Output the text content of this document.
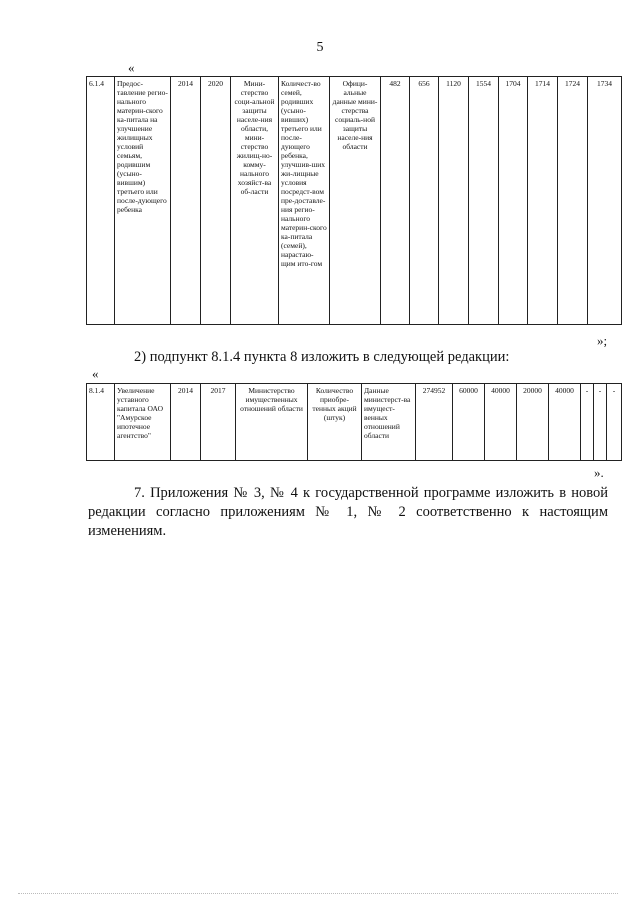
5
«
6.1.4	Предос-тавление регио-нального материн-ского ка-питала на улучшение жилищных условий семьям, родившим (усыно-вившим) третьего или после-дующего ребенка	2014	2020	Мини-стерство соци-альной защиты населе-ния области, мини-стерство жилищ-но-комму-нального хозяйст-ва об-ласти	Количест-во семей, родивших (усыно-вивших) третьего или после-дующего ребенка, улучшив-ших жи-лищные условия посредст-вом пре-доставле-ния регио-нального материн-ского ка-питала (семей), нарастаю-щим ито-гом	Офици-альные данные мини-стерства социаль-ной защиты населе-ния области	482	656	1120	1554	1704	1714	1724	1734
»;
2) подпункт 8.1.4 пункта 8 изложить в следующей редакции:
«
8.1.4	Увеличение уставного капитала ОАО "Амурское ипотечное агентство"	2014	2017	Министерство имущественных отношений области	Количество приобре-тенных акций (штук)	Данные министерст-ва имущест-венных отношений области	274952	60000	40000	20000	40000	-	-	-
».
7. Приложения № 3, № 4 к государственной программе изложить в новой редакции согласно приложениям № 1, № 2 соответственно к настоящим изменениям.
